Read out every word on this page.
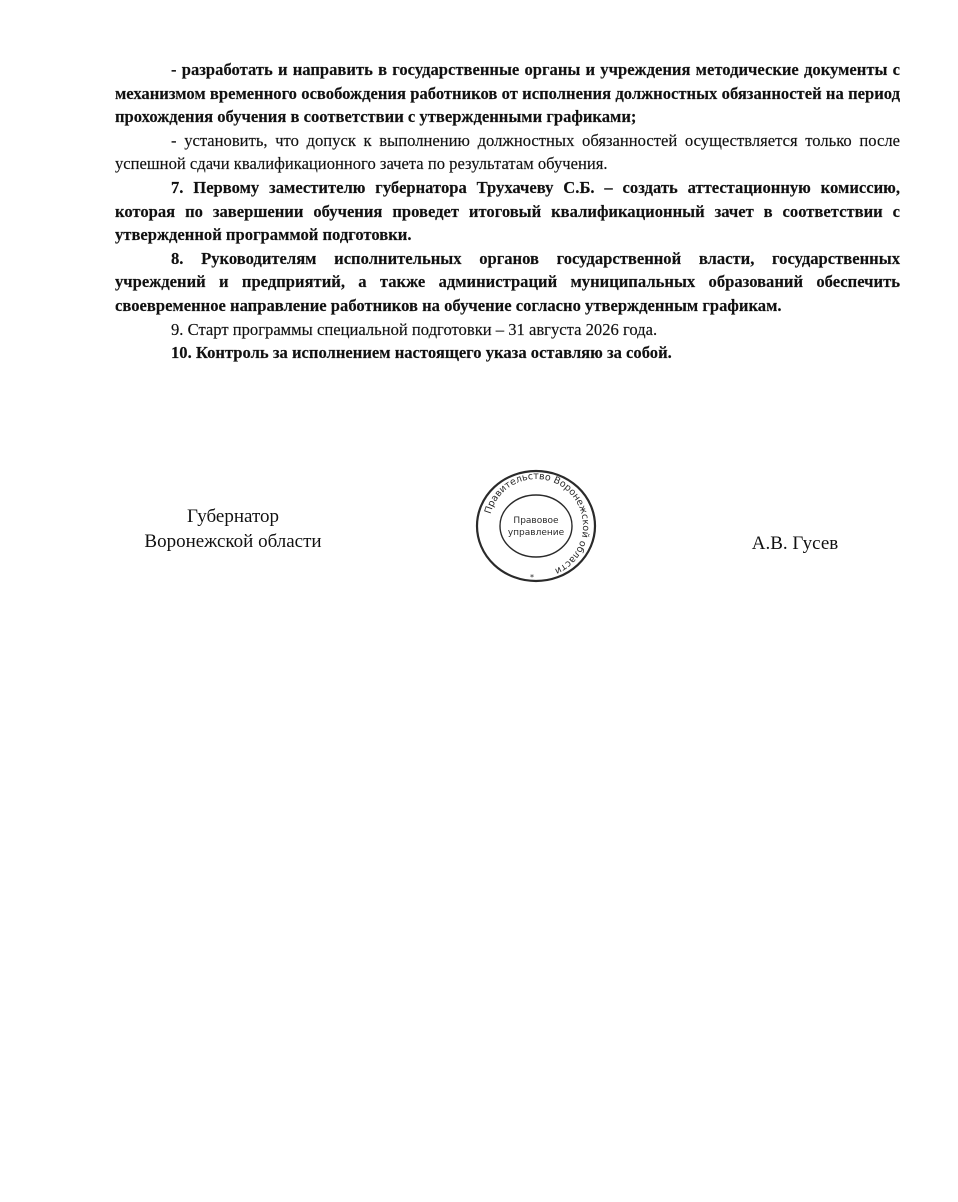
- разработать и направить в государственные органы и учреждения методические документы с механизмом временного освобождения работников от исполнения должностных обязанностей на период прохождения обучения в соответствии с утвержденными графиками;

- установить, что допуск к выполнению должностных обязанностей осуществляется только после успешной сдачи квалификационного зачета по результатам обучения.

7. Первому заместителю губернатора Трухачеву С.Б. – создать аттестационную комиссию, которая по завершении обучения проведет итоговый квалификационный зачет в соответствии с утвержденной программой подготовки.

8. Руководителям исполнительных органов государственной власти, государственных учреждений и предприятий, а также администраций муниципальных образований обеспечить своевременное направление работников на обучение согласно утвержденным графикам.

9. Старт программы специальной подготовки – 31 августа 2026 года.

10. Контроль за исполнением настоящего указа оставляю за собой.

Губернатор
Воронежской области
Правительство Воронежской области
Правовое
управление
*
А.В. Гусев
